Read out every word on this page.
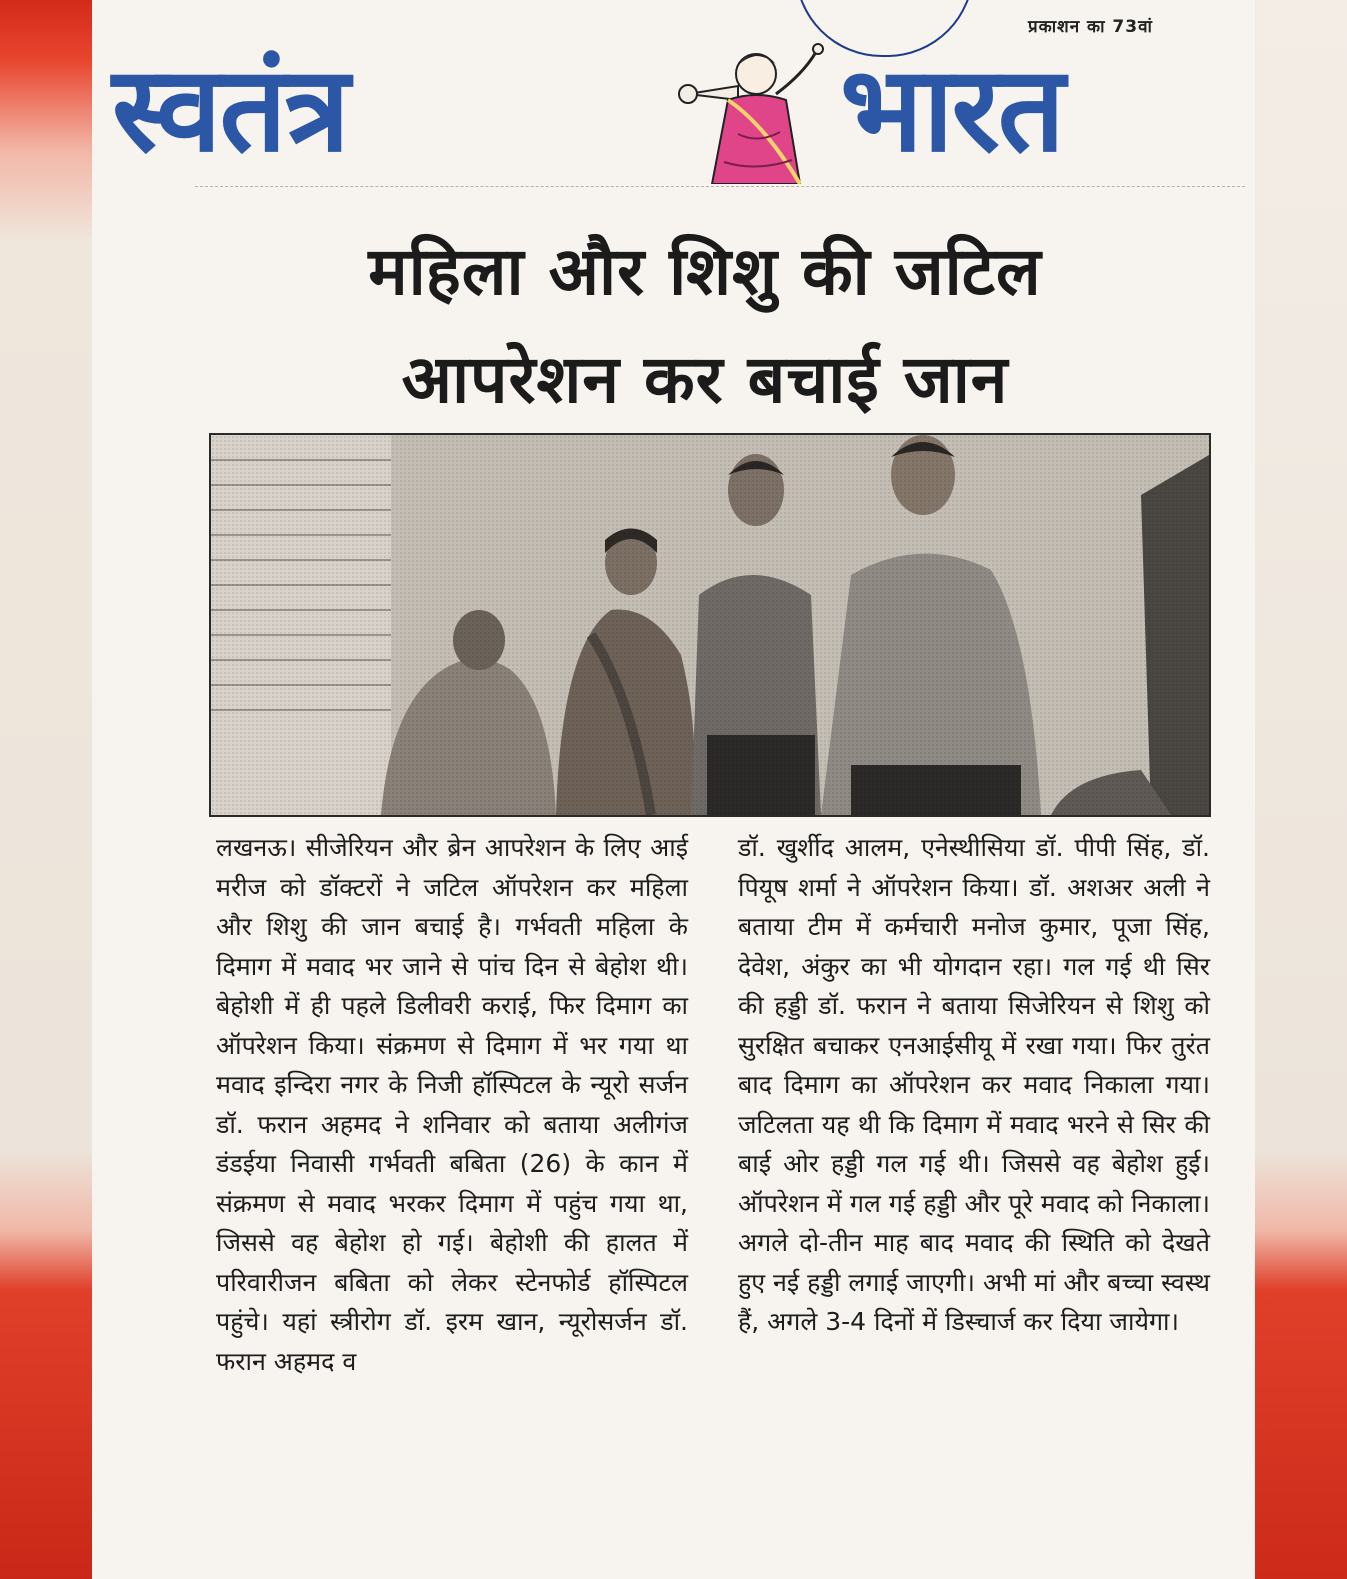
प्रकाशन का 73वां
स्वतंत्र	भारत
महिला और शिशु की जटिल
आपरेशन कर बचाई जान
लखनऊ। सीजेरियन और ब्रेन आपरेशन के लिए आई मरीज को डॉक्टरों ने जटिल ऑपरेशन कर महिला और शिशु की जान बचाई है। गर्भवती महिला के दिमाग में मवाद भर जाने से पांच दिन से बेहोश थी। बेहोशी में ही पहले डिलीवरी कराई, फिर दिमाग का ऑपरेशन किया। संक्रमण से दिमाग में भर गया था मवाद इन्दिरा नगर के निजी हॉस्पिटल के न्यूरो सर्जन डॉ. फरान अहमद ने शनिवार को बताया अलीगंज डंडईया निवासी गर्भवती बबिता (26) के कान में संक्रमण से मवाद भरकर दिमाग में पहुंच गया था, जिससे वह बेहोश हो गई। बेहोशी की हालत में परिवारीजन बबिता को लेकर स्टेनफोर्ड हॉस्पिटल पहुंचे। यहां स्त्रीरोग डॉ. इरम खान, न्यूरोसर्जन डॉ. फरान अहमद व
डॉ. खुर्शीद आलम, एनेस्थीसिया डॉ. पीपी सिंह, डॉ. पियूष शर्मा ने ऑपरेशन किया। डॉ. अशअर अली ने बताया टीम में कर्मचारी मनोज कुमार, पूजा सिंह, देवेश, अंकुर का भी योगदान रहा। गल गई थी सिर की हड्डी डॉ. फरान ने बताया सिजेरियन से शिशु को सुरक्षित बचाकर एनआईसीयू में रखा गया। फिर तुरंत बाद दिमाग का ऑपरेशन कर मवाद निकाला गया। जटिलता यह थी कि दिमाग में मवाद भरने से सिर की बाई ओर हड्डी गल गई थी। जिससे वह बेहोश हुई। ऑपरेशन में गल गई हड्डी और पूरे मवाद को निकाला। अगले दो-तीन माह बाद मवाद की स्थिति को देखते हुए नई हड्डी लगाई जाएगी। अभी मां और बच्चा स्वस्थ हैं, अगले 3-4 दिनों में डिस्चार्ज कर दिया जायेगा।
